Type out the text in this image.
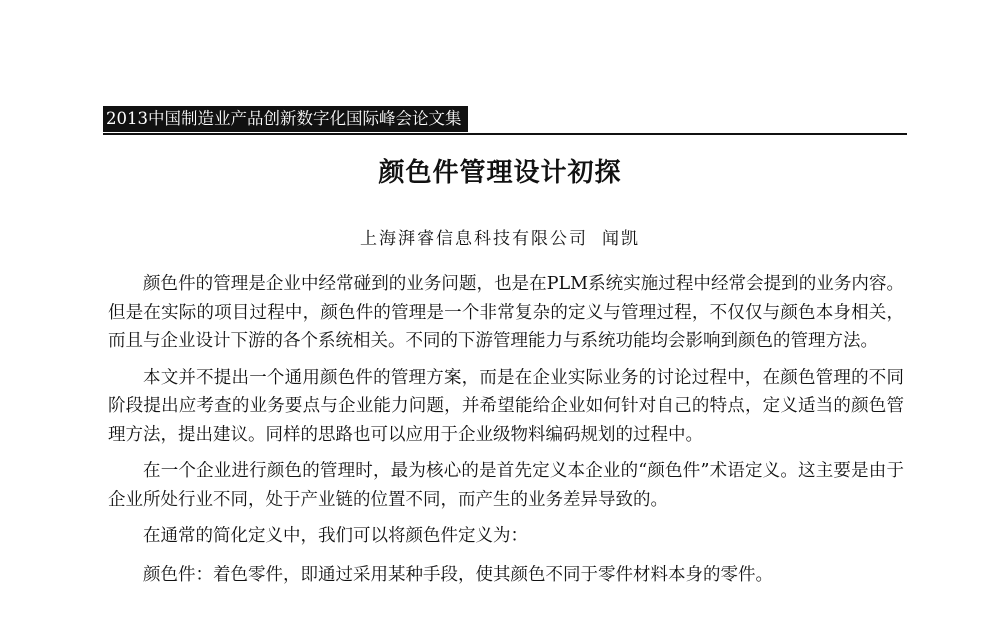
2013中国制造业产品创新数字化国际峰会论文集
颜色件管理设计初探
上海湃睿信息科技有限公司 闻凯

颜色件的管理是企业中经常碰到的业务问题，也是在PLM系统实施过程中经常会提到的业务内容。但是在实际的项目过程中，颜色件的管理是一个非常复杂的定义与管理过程，不仅仅与颜色本身相关，而且与企业设计下游的各个系统相关。不同的下游管理能力与系统功能均会影响到颜色的管理方法。

本文并不提出一个通用颜色件的管理方案，而是在企业实际业务的讨论过程中，在颜色管理的不同阶段提出应考查的业务要点与企业能力问题，并希望能给企业如何针对自己的特点，定义适当的颜色管理方法，提出建议。同样的思路也可以应用于企业级物料编码规划的过程中。

在一个企业进行颜色的管理时，最为核心的是首先定义本企业的“颜色件”术语定义。这主要是由于企业所处行业不同，处于产业链的位置不同，而产生的业务差异导致的。

在通常的简化定义中，我们可以将颜色件定义为：

颜色件：着色零件，即通过采用某种手段，使其颜色不同于零件材料本身的零件。
